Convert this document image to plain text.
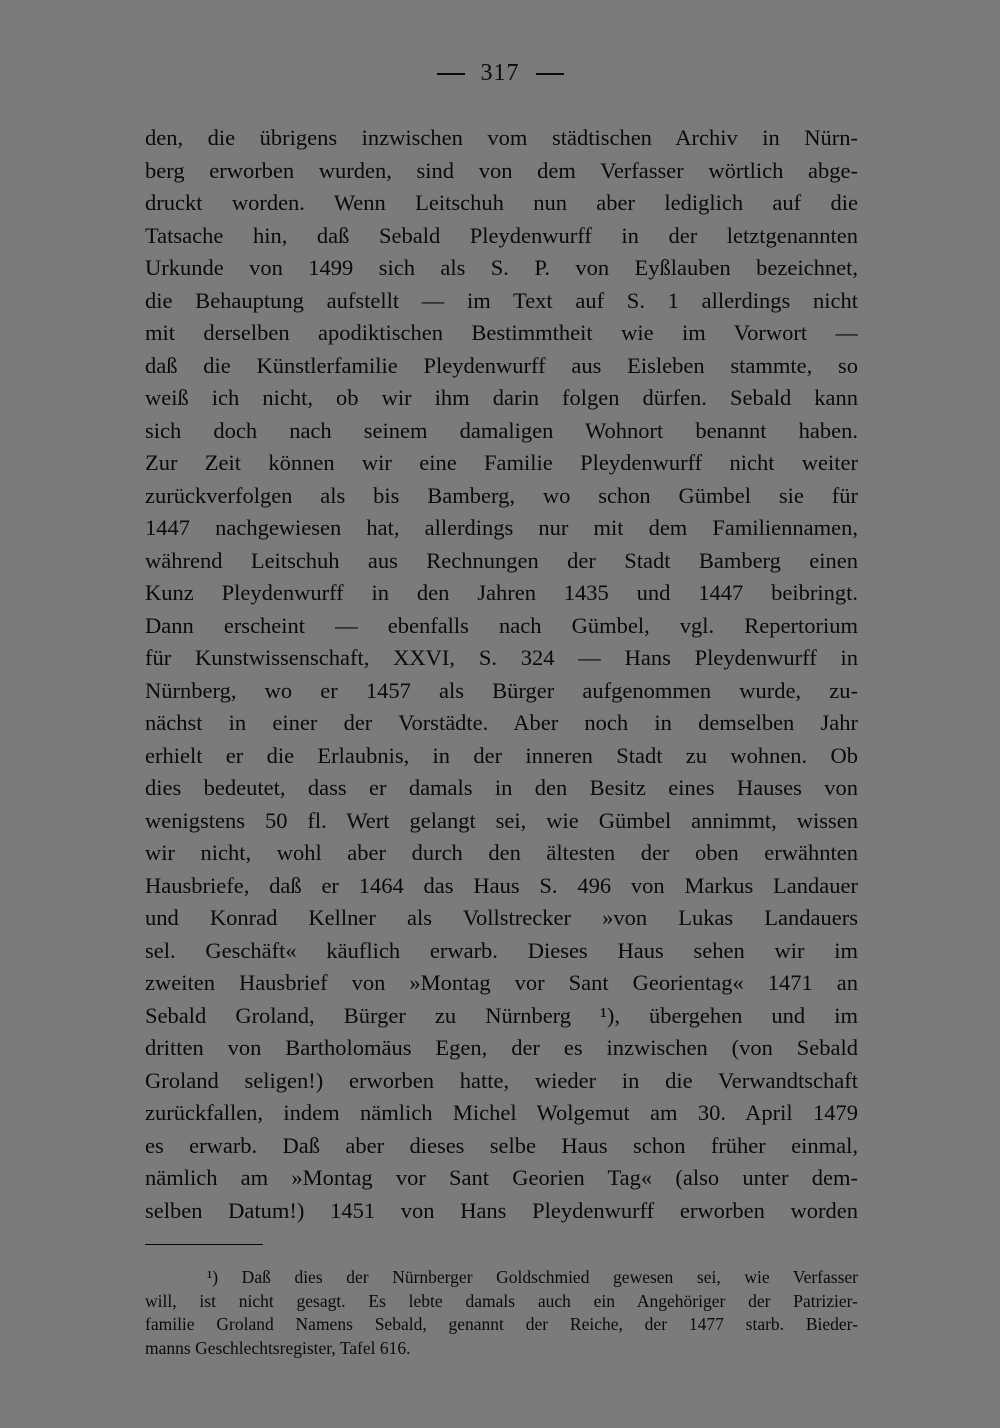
317
den, die übrigens inzwischen vom städtischen Archiv in Nürn-
berg erworben wurden, sind von dem Verfasser wörtlich abge-
druckt worden. Wenn Leitschuh nun aber lediglich auf die
Tatsache hin, daß Sebald Pleydenwurff in der letztgenannten
Urkunde von 1499 sich als S. P. von Eyßlauben bezeichnet,
die Behauptung aufstellt — im Text auf S. 1 allerdings nicht
mit derselben apodiktischen Bestimmtheit wie im Vorwort —
daß die Künstlerfamilie Pleydenwurff aus Eisleben stammte, so
weiß ich nicht, ob wir ihm darin folgen dürfen. Sebald kann
sich doch nach seinem damaligen Wohnort benannt haben.
Zur Zeit können wir eine Familie Pleydenwurff nicht weiter
zurückverfolgen als bis Bamberg, wo schon Gümbel sie für
1447 nachgewiesen hat, allerdings nur mit dem Familiennamen,
während Leitschuh aus Rechnungen der Stadt Bamberg einen
Kunz Pleydenwurff in den Jahren 1435 und 1447 beibringt.
Dann erscheint — ebenfalls nach Gümbel, vgl. Repertorium
für Kunstwissenschaft, XXVI, S. 324 — Hans Pleydenwurff in
Nürnberg, wo er 1457 als Bürger aufgenommen wurde, zu-
nächst in einer der Vorstädte. Aber noch in demselben Jahr
erhielt er die Erlaubnis, in der inneren Stadt zu wohnen. Ob
dies bedeutet, dass er damals in den Besitz eines Hauses von
wenigstens 50 fl. Wert gelangt sei, wie Gümbel annimmt, wissen
wir nicht, wohl aber durch den ältesten der oben erwähnten
Hausbriefe, daß er 1464 das Haus S. 496 von Markus Landauer
und Konrad Kellner als Vollstrecker »von Lukas Landauers
sel. Geschäft« käuflich erwarb. Dieses Haus sehen wir im
zweiten Hausbrief von »Montag vor Sant Georientag« 1471 an
Sebald Groland, Bürger zu Nürnberg ¹), übergehen und im
dritten von Bartholomäus Egen, der es inzwischen (von Sebald
Groland seligen!) erworben hatte, wieder in die Verwandtschaft
zurückfallen, indem nämlich Michel Wolgemut am 30. April 1479
es erwarb. Daß aber dieses selbe Haus schon früher einmal,
nämlich am »Montag vor Sant Georien Tag« (also unter dem-
selben Datum!) 1451 von Hans Pleydenwurff erworben worden
¹) Daß dies der Nürnberger Goldschmied gewesen sei, wie Verfasser
will, ist nicht gesagt. Es lebte damals auch ein Angehöriger der Patrizier-
familie Groland Namens Sebald, genannt der Reiche, der 1477 starb. Bieder-
manns Geschlechtsregister, Tafel 616.
